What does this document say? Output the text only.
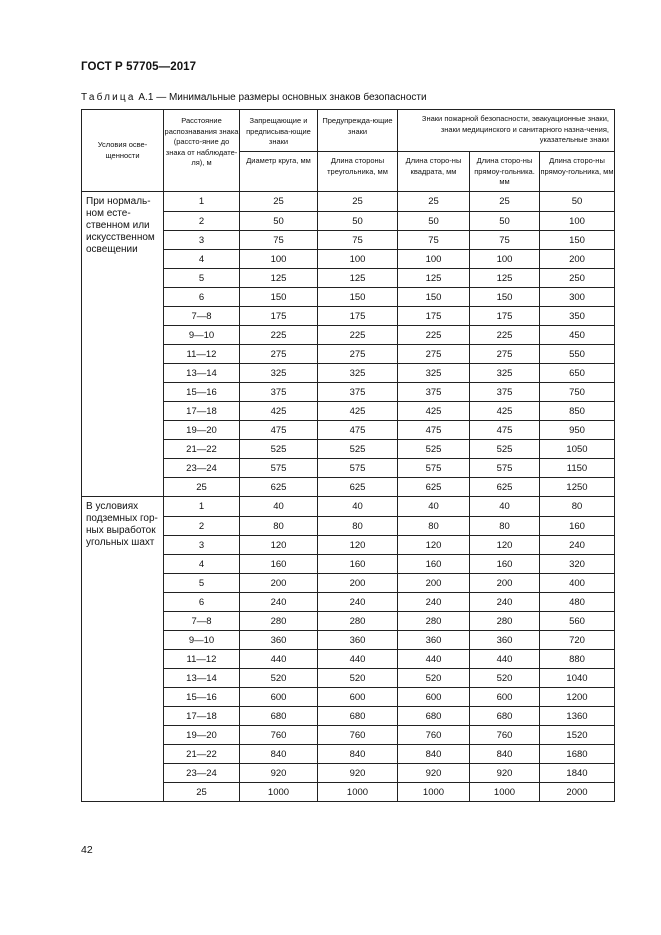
ГОСТ Р 57705—2017
Таблица А.1 — Минимальные размеры основных знаков безопасности
Условия осве-щенности	Расстояние распознавания знака (рассто-яние до знака от наблюдате-ля), м	Запрещающие и предписыва-ющие знаки	Предупрежда-ющие знаки	Знаки пожарной безопасности, эвакуационные знаки, знаки медицинского и санитарного назна-чения, указательные знаки		
		Диаметр круга, мм	Длина стороны треугольника, мм	Длина сторо-ны квадрата, мм	Длина сторо-ны прямоу-гольника. мм	Длина сторо-ны прямоу-гольника, мм
При нормаль-ном есте-ственном или искусственном освещении	1	25	25	25	25	50
	2	50	50	50	50	100
	3	75	75	75	75	150
	4	100	100	100	100	200
	5	125	125	125	125	250
	6	150	150	150	150	300
	7—8	175	175	175	175	350
	9—10	225	225	225	225	450
	11—12	275	275	275	275	550
	13—14	325	325	325	325	650
	15—16	375	375	375	375	750
	17—18	425	425	425	425	850
	19—20	475	475	475	475	950
	21—22	525	525	525	525	1050
	23—24	575	575	575	575	1150
	25	625	625	625	625	1250
В условиях подземных гор-ных выработок угольных шахт	1	40	40	40	40	80
	2	80	80	80	80	160
	3	120	120	120	120	240
	4	160	160	160	160	320
	5	200	200	200	200	400
	6	240	240	240	240	480
	7—8	280	280	280	280	560
	9—10	360	360	360	360	720
	11—12	440	440	440	440	880
	13—14	520	520	520	520	1040
	15—16	600	600	600	600	1200
	17—18	680	680	680	680	1360
	19—20	760	760	760	760	1520
	21—22	840	840	840	840	1680
	23—24	920	920	920	920	1840
	25	1000	1000	1000	1000	2000
42
